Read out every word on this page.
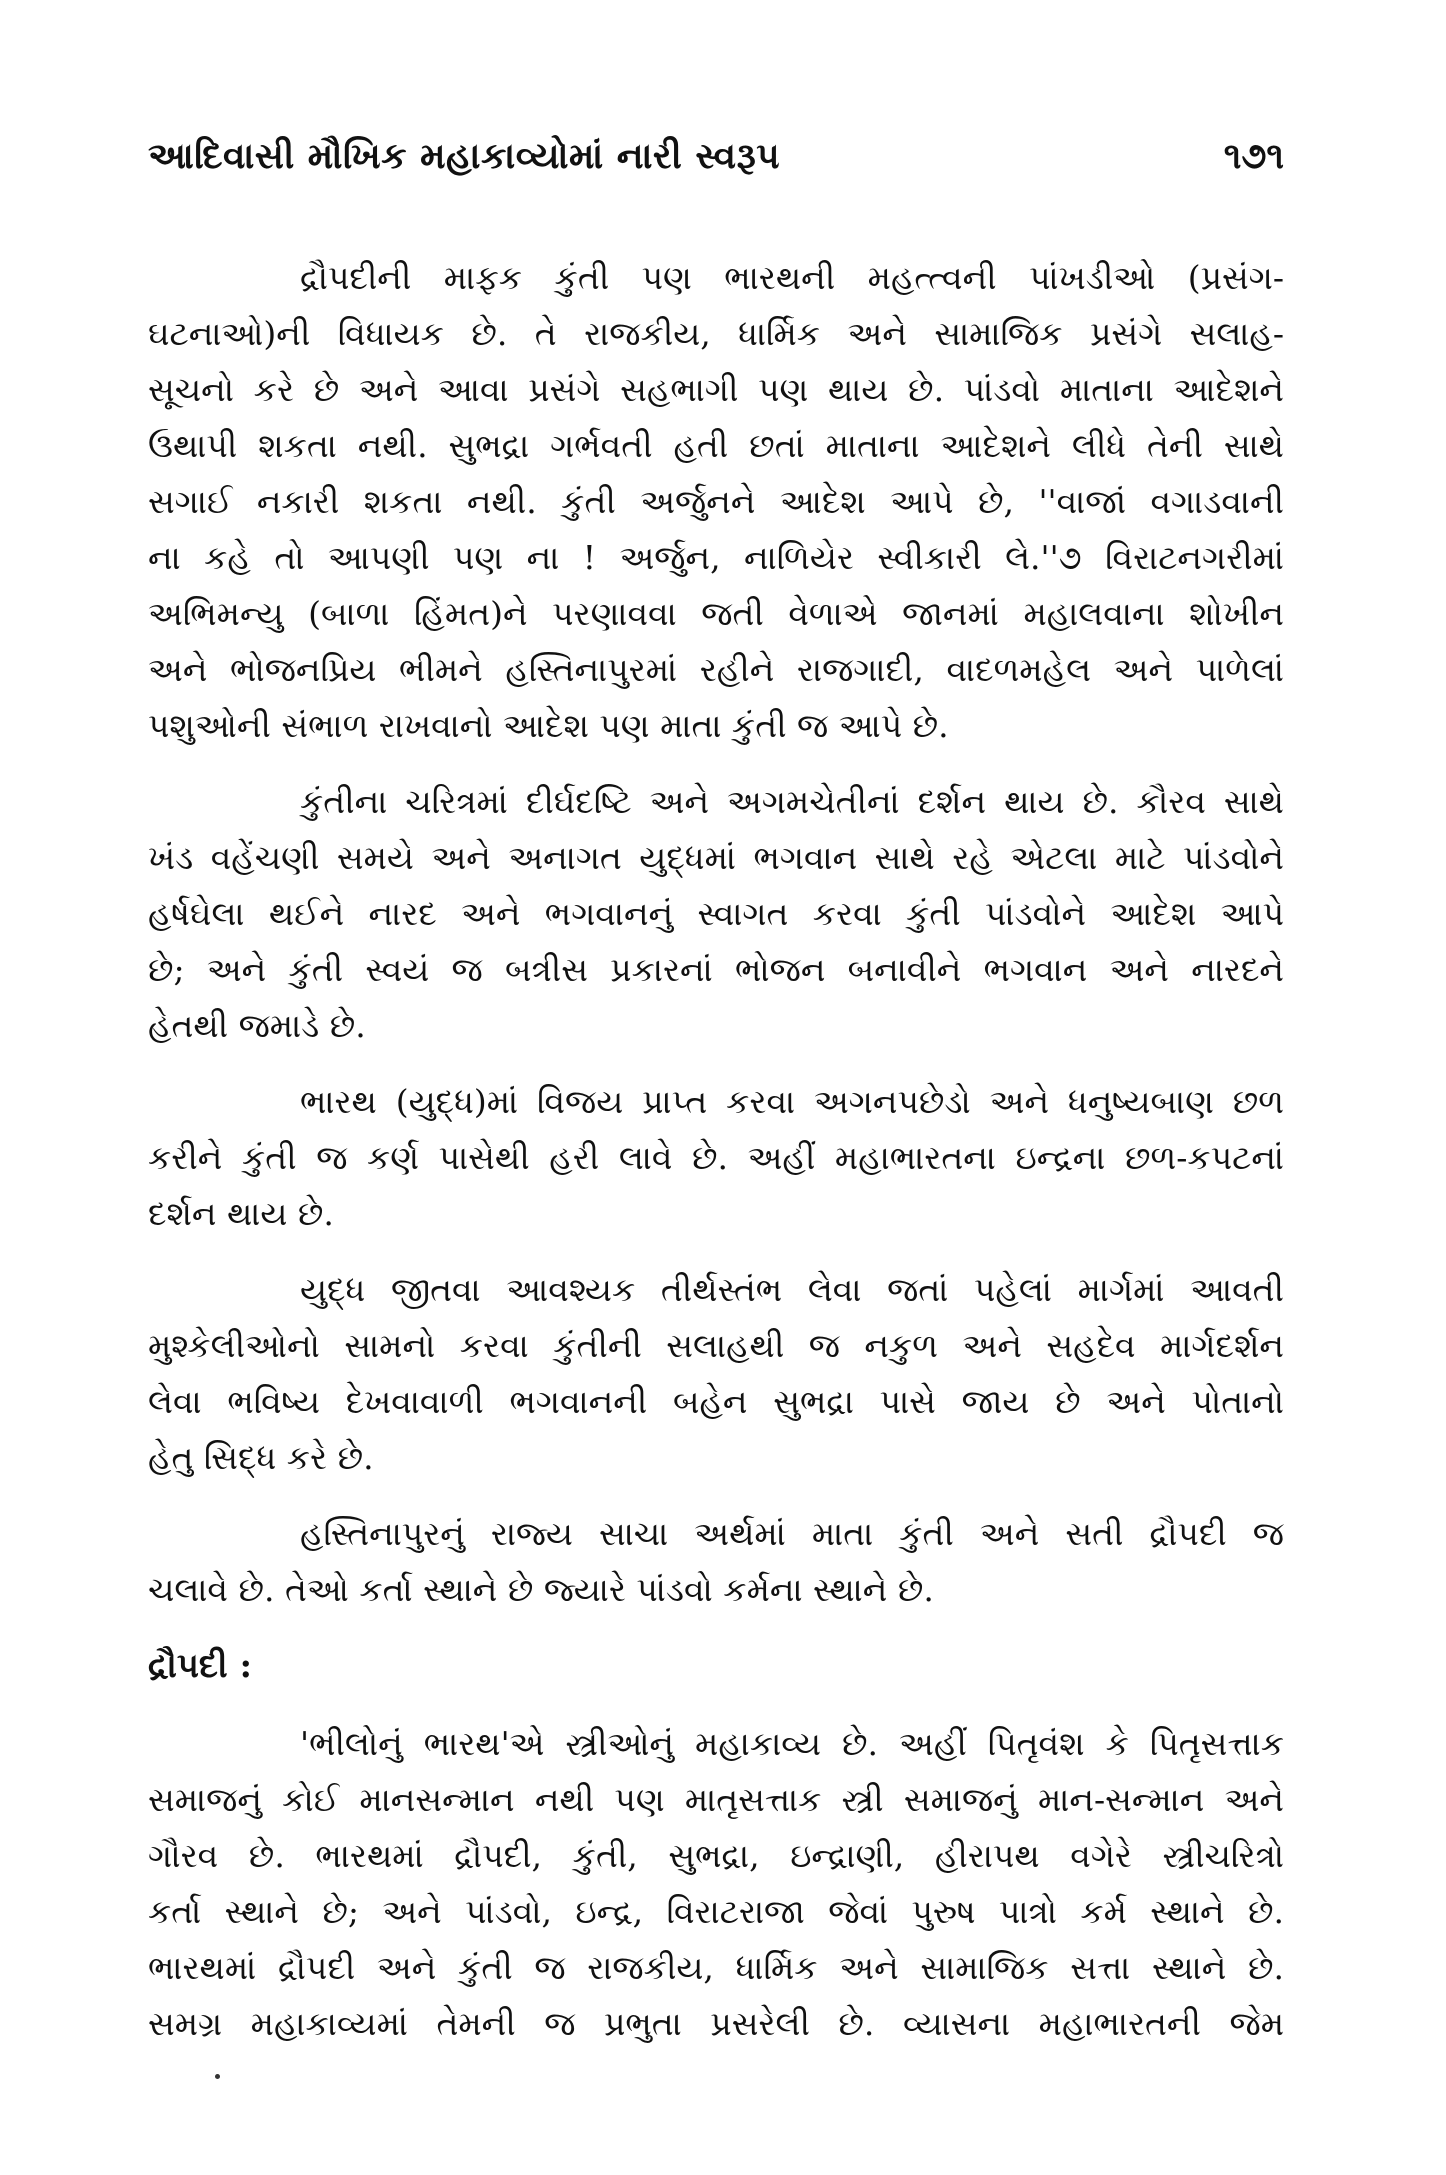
આદિવાસી મૌખિક મહાકાવ્યોમાં નારી સ્વરૂપ	૧૭૧
દ્રૌપદીની માફક કુંતી પણ ભારથની મહત્ત્વની પાંખડીઓ (પ્રસંગ-
ઘટનાઓ)ની વિધાયક છે. તે રાજકીય, ધાર્મિક અને સામાજિક પ્રસંગે સલાહ-
સૂચનો કરે છે અને આવા પ્રસંગે સહભાગી પણ થાય છે. પાંડવો માતાના આદેશને
ઉથાપી શકતા નથી. સુભદ્રા ગર્ભવતી હતી છતાં માતાના આદેશને લીધે તેની સાથે
સગાઈ નકારી શકતા નથી. કુંતી અર્જુનને આદેશ આપે છે, ''વાજાં વગાડવાની
ના કહે તો આપણી પણ ના ! અર્જુન, નાળિયેર સ્વીકારી લે.''૭ વિરાટનગરીમાં
અભિમન્યુ (બાળા હિંમત)ને પરણાવવા જતી વેળાએ જાનમાં મહાલવાના શોખીન
અને ભોજનપ્રિય ભીમને હસ્તિનાપુરમાં રહીને રાજગાદી, વાદળમહેલ અને પાળેલાં
પશુઓની સંભાળ રાખવાનો આદેશ પણ માતા કુંતી જ આપે છે.
કુંતીના ચરિત્રમાં દીર્ઘદષ્ટિ અને અગમચેતીનાં દર્શન થાય છે. કૌરવ સાથે
ખંડ વહેંચણી સમયે અને અનાગત યુદ્ધમાં ભગવાન સાથે રહે એટલા માટે પાંડવોને
હર્ષઘેલા થઈને નારદ અને ભગવાનનું સ્વાગત કરવા કુંતી પાંડવોને આદેશ આપે
છે; અને કુંતી સ્વયં જ બત્રીસ પ્રકારનાં ભોજન બનાવીને ભગવાન અને નારદને
હેતથી જમાડે છે.
ભારથ (યુદ્ધ)માં વિજય પ્રાપ્ત કરવા અગનપછેડો અને ધનુષ્યબાણ છળ
કરીને કુંતી જ કર્ણ પાસેથી હરી લાવે છે. અહીં મહાભારતના ઇન્દ્રના છળ-કપટનાં
દર્શન થાય છે.
યુદ્ધ જીતવા આવશ્યક તીર્થસ્તંભ લેવા જતાં પહેલાં માર્ગમાં આવતી
મુશ્કેલીઓનો સામનો કરવા કુંતીની સલાહથી જ નકુળ અને સહદેવ માર્ગદર્શન
લેવા ભવિષ્ય દેખવાવાળી ભગવાનની બહેન સુભદ્રા પાસે જાય છે અને પોતાનો
હેતુ સિદ્ધ કરે છે.
હસ્તિનાપુરનું રાજ્ય સાચા અર્થમાં માતા કુંતી અને સતી દ્રૌપદી જ
ચલાવે છે. તેઓ કર્તા સ્થાને છે જ્યારે પાંડવો કર્મના સ્થાને છે.
દ્રૌપદી :
'ભીલોનું ભારથ'એ સ્ત્રીઓનું મહાકાવ્ય છે. અહીં પિતૃવંશ કે પિતૃસત્તાક
સમાજનું કોઈ માનસન્માન નથી પણ માતૃસત્તાક સ્ત્રી સમાજનું માન-સન્માન અને
ગૌરવ છે. ભારથમાં દ્રૌપદી, કુંતી, સુભદ્રા, ઇન્દ્રાણી, હીરાપથ વગેરે સ્ત્રીચરિત્રો
કર્તા સ્થાને છે; અને પાંડવો, ઇન્દ્ર, વિરાટરાજા જેવાં પુરુષ પાત્રો કર્મ સ્થાને છે.
ભારથમાં દ્રૌપદી અને કુંતી જ રાજકીય, ધાર્મિક અને સામાજિક સત્તા સ્થાને છે.
સમગ્ર મહાકાવ્યમાં તેમની જ પ્રભુતા પ્રસરેલી છે. વ્યાસના મહાભારતની જેમ
